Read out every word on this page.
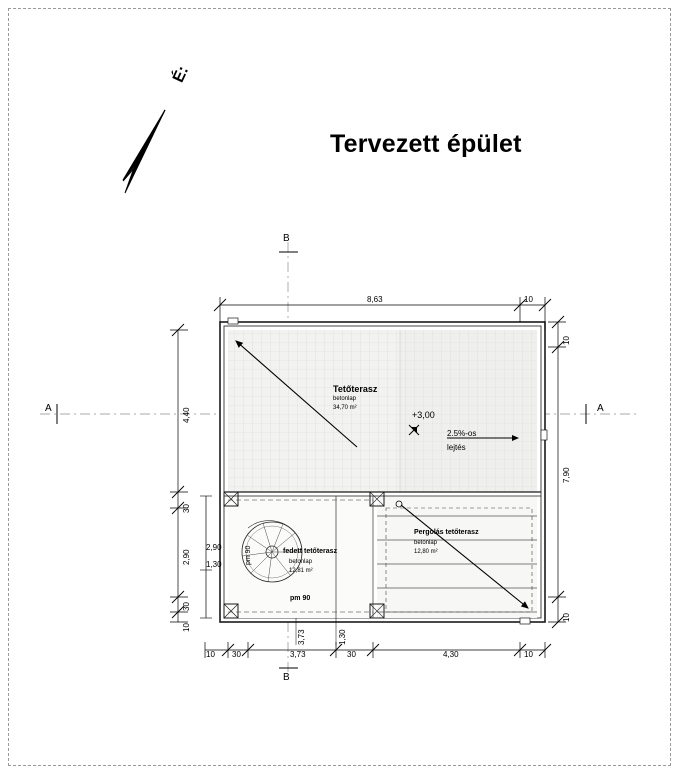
Tervezett épület
É:
A	A
B
B
8,63	10
10
7,90
10
4,40
30
2,90
30
10
2,90
1,30
10 30	3,73	30	4,30	10
3,73	1,30
Tetőterasz
betonlap
34,70 m²
fedett tetőterasz
betonlap
12,81 m²
Pergolás tetőterasz
betonlap
12,80 m²
+3,00
2.5%-os
lejtés
pm 90
pm 90
